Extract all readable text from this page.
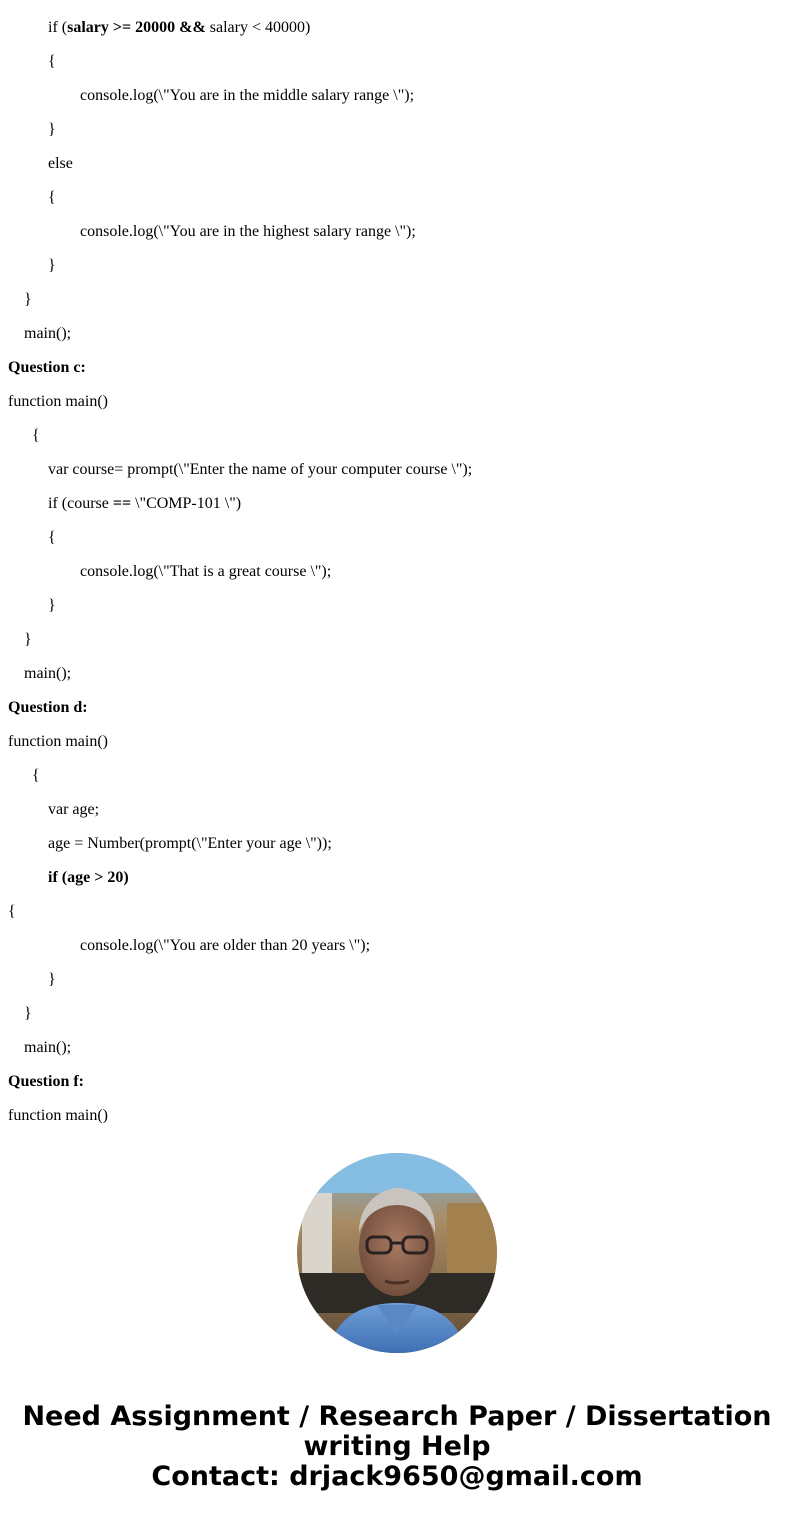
if (salary >= 20000 && salary < 40000)
{
console.log(\"You are in the middle salary range \");
}
else
{
console.log(\"You are in the highest salary range \");
}
}
main();
Question c:
function main()
{
var course= prompt(\"Enter the name of your computer course \");
if (course == \"COMP-101 \")
{
console.log(\"That is a great course \");
}
}
main();
Question d:
function main()
{
var age;
age = Number(prompt(\"Enter your age \"));
if (age > 20)
{
console.log(\"You are older than 20 years \");
}
}
main();
Question f:
function main()
Need Assignment / Research Paper / Dissertation
writing Help
Contact: drjack9650@gmail.com
